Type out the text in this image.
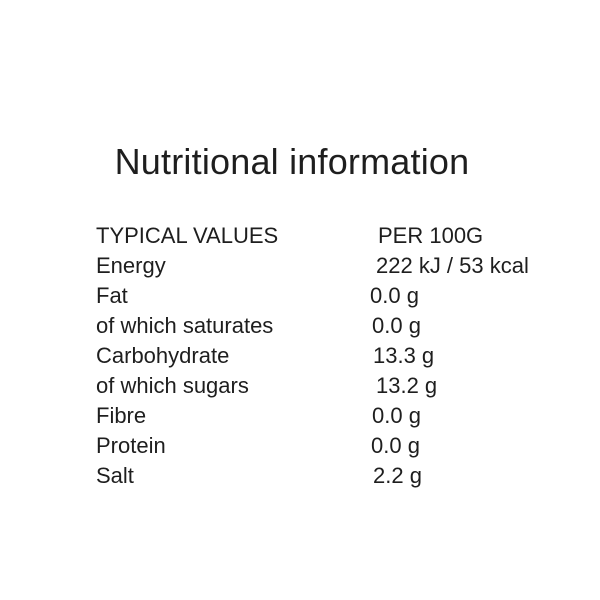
Nutritional information
TYPICAL VALUES	PER 100G
Energy	222 kJ / 53 kcal
Fat	0.0 g
of which saturates	0.0 g
Carbohydrate	13.3 g
of which sugars	13.2 g
Fibre	0.0 g
Protein	0.0 g
Salt	2.2 g
